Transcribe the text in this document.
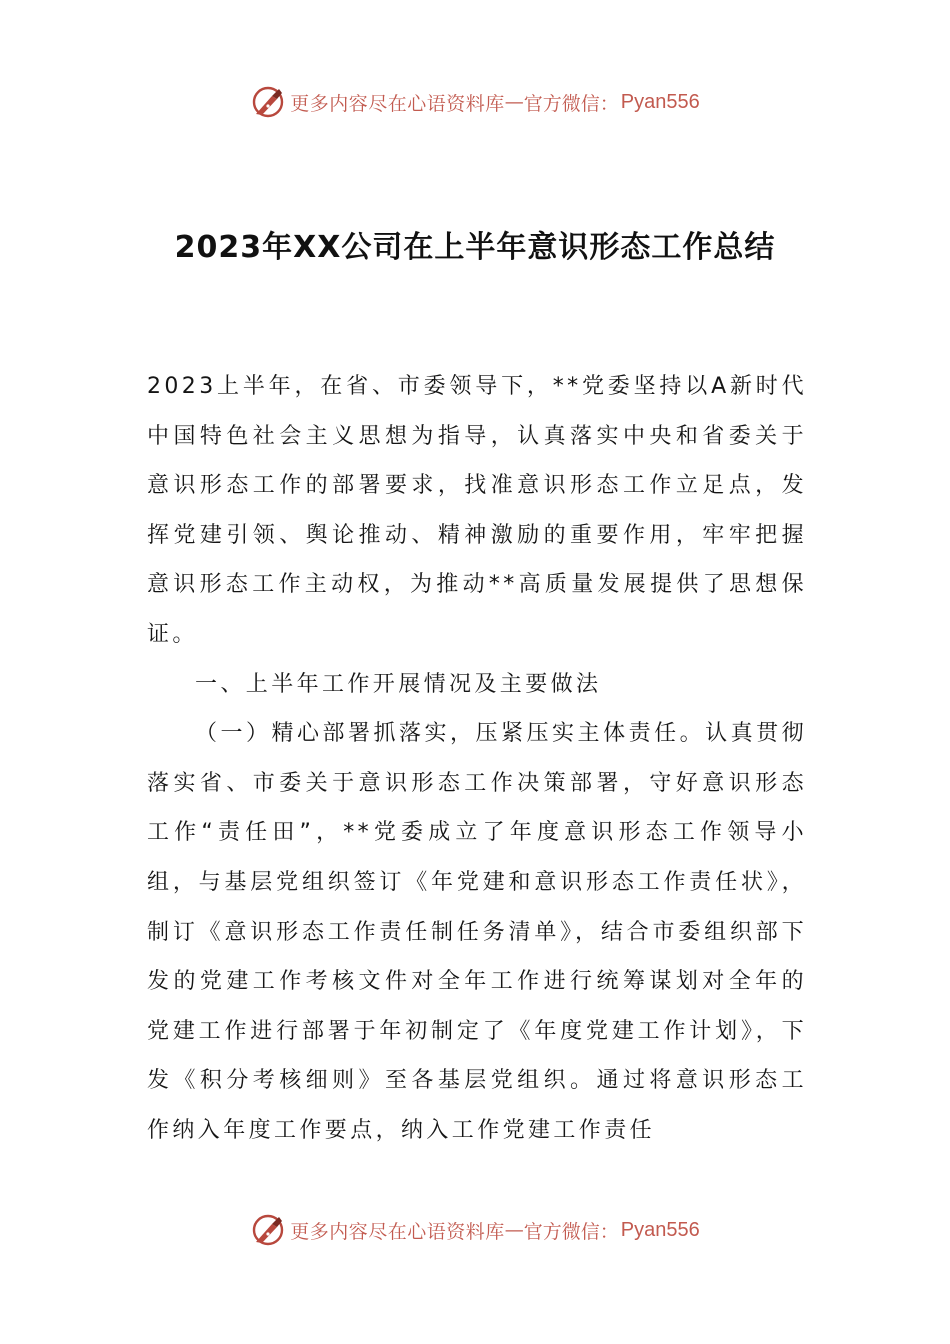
更多内容尽在心语资料库 — 官方微信： Pyan556
2023年XX公司在上半年意识形态工作总结

2023上半年，在省、市委领导下，**党委坚持以A新时代中国特色社会主义思想为指导，认真落实中央和省委关于意识形态工作的部署要求，找准意识形态工作立足点，发挥党建引领、舆论推动、精神激励的重要作用，牢牢把握意识形态工作主动权，为推动**高质量发展提供了思想保证。

一、上半年工作开展情况及主要做法

（一）精心部署抓落实，压紧压实主体责任。认真贯彻落实省、市委关于意识形态工作决策部署，守好意识形态工作“责任田”，**党委成立了年度意识形态工作领导小组，与基层党组织签订《年党建和意识形态工作责任状》，制订《意识形态工作责任制任务清单》，结合市委组织部下发的党建工作考核文件对全年工作进行统筹谋划对全年的党建工作进行部署于年初制定了《年度党建工作计划》，下发《积分考核细则》至各基层党组织。通过将意识形态工作纳入年度工作要点，纳入工作党建工作责任

更多内容尽在心语资料库 — 官方微信： Pyan556
